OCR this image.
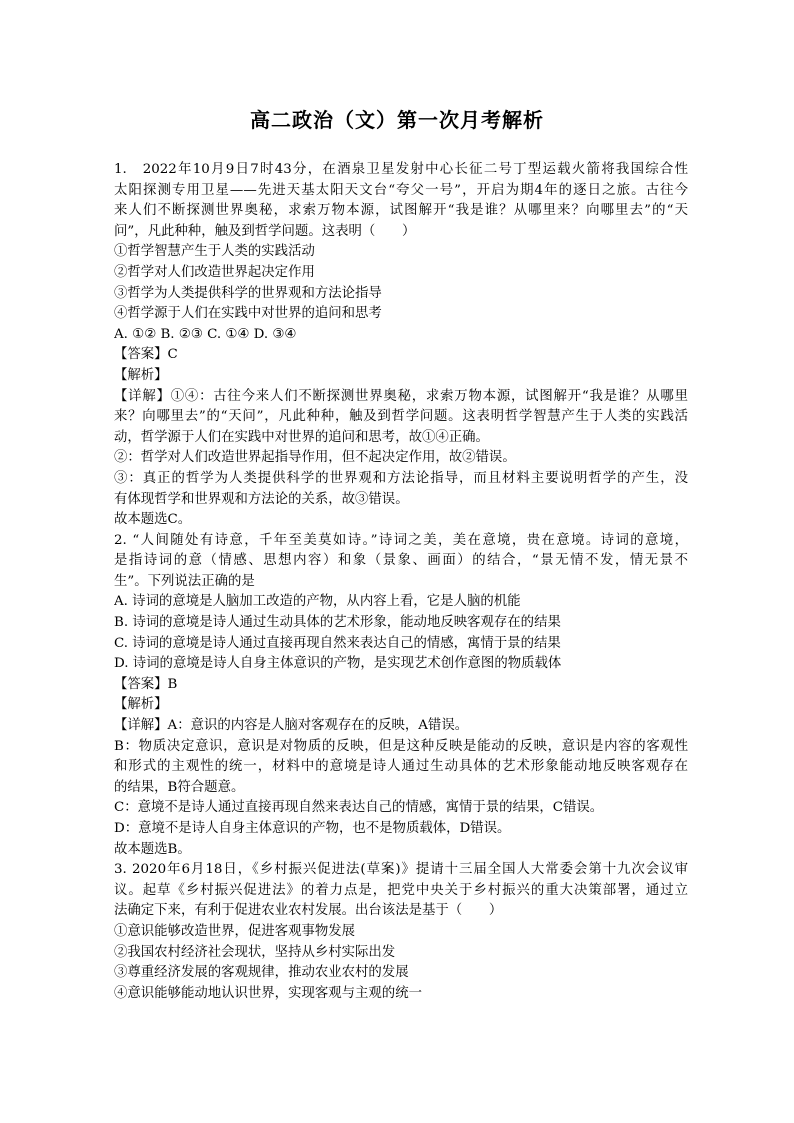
高二政治（文）第一次月考解析
1.　2022年10月9日7时43分，在酒泉卫星发射中心长征二号丁型运载火箭将我国综合性
太阳探测专用卫星——先进天基太阳天文台“夸父一号”，开启为期4年的逐日之旅。古往今
来人们不断探测世界奥秘，求索万物本源，试图解开“我是谁？从哪里来？向哪里去”的“天
问”，凡此种种，触及到哲学问题。这表明（　　）
①哲学智慧产生于人类的实践活动
②哲学对人们改造世界起决定作用
③哲学为人类提供科学的世界观和方法论指导
④哲学源于人们在实践中对世界的追问和思考
A. ①② B. ②③ C. ①④ D. ③④
【答案】C
【解析】
【详解】①④：古往今来人们不断探测世界奥秘，求索万物本源，试图解开“我是谁？从哪里
来？向哪里去”的“天问”，凡此种种，触及到哲学问题。这表明哲学智慧产生于人类的实践活
动，哲学源于人们在实践中对世界的追问和思考，故①④正确。
②：哲学对人们改造世界起指导作用，但不起决定作用，故②错误。
③：真正的哲学为人类提供科学的世界观和方法论指导，而且材料主要说明哲学的产生，没
有体现哲学和世界观和方法论的关系，故③错误。
故本题选C。
2. “人间随处有诗意，千年至美莫如诗。”诗词之美，美在意境，贵在意境。诗词的意境，
是指诗词的意（情感、思想内容）和象（景象、画面）的结合，“景无情不发，情无景不
生”。下列说法正确的是
A. 诗词的意境是人脑加工改造的产物，从内容上看，它是人脑的机能
B. 诗词的意境是诗人通过生动具体的艺术形象，能动地反映客观存在的结果
C. 诗词的意境是诗人通过直接再现自然来表达自己的情感，寓情于景的结果
D. 诗词的意境是诗人自身主体意识的产物，是实现艺术创作意图的物质载体
【答案】B
【解析】
【详解】A：意识的内容是人脑对客观存在的反映，A错误。
B：物质决定意识，意识是对物质的反映，但是这种反映是能动的反映，意识是内容的客观性
和形式的主观性的统一，材料中的意境是诗人通过生动具体的艺术形象能动地反映客观存在
的结果，B符合题意。
C：意境不是诗人通过直接再现自然来表达自己的情感，寓情于景的结果，C错误。
D：意境不是诗人自身主体意识的产物，也不是物质载体，D错误。
故本题选B。
3. 2020年6月18日，《乡村振兴促进法(草案)》提请十三届全国人大常委会第十九次会议审
议。起草《乡村振兴促进法》的着力点是，把党中央关于乡村振兴的重大决策部署，通过立
法确定下来，有利于促进农业农村发展。出台该法是基于（　　）
①意识能够改造世界，促进客观事物发展
②我国农村经济社会现状，坚持从乡村实际出发
③尊重经济发展的客观规律，推动农业农村的发展
④意识能够能动地认识世界，实现客观与主观的统一
